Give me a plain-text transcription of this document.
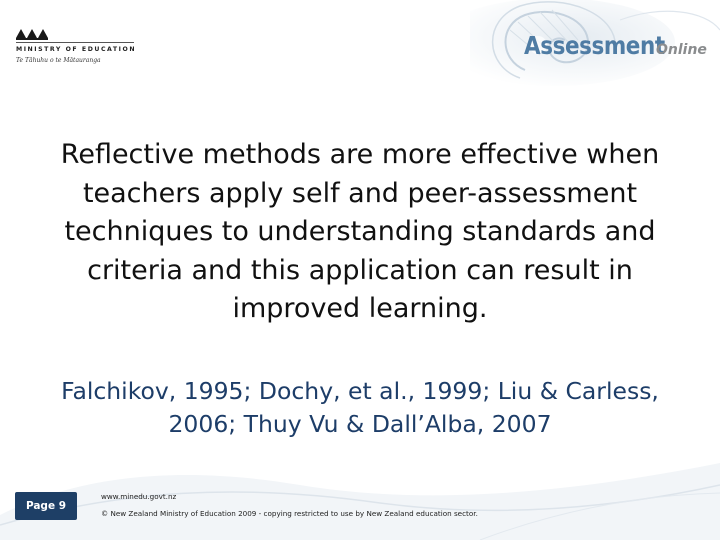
MINISTRY OF EDUCATION
Te Tāhuhu o te Mātauranga
Assessment
Online

Reflective methods are more effective when teachers apply self and peer-assessment techniques to understanding standards and criteria and this application can result in improved learning.

Falchikov, 1995; Dochy, et al., 1999; Liu & Carless,
2006; Thuy Vu & Dall’Alba, 2007

Page 9
www.minedu.govt.nz
© New Zealand Ministry of Education 2009 - copying restricted to use by New Zealand education sector.
